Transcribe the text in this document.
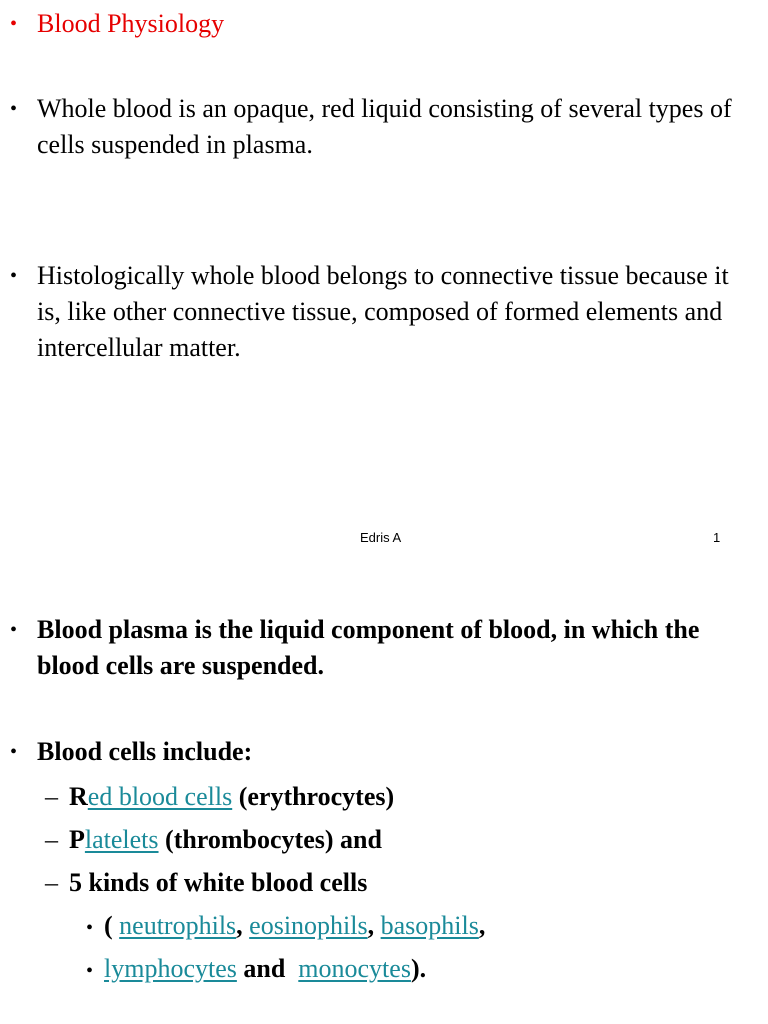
• Blood Physiology
• Whole blood is an opaque, red liquid consisting of several types of cells suspended in plasma.
• Histologically whole blood belongs to connective tissue because it is, like other connective tissue, composed of formed elements and intercellular matter.
Edris A	1
• Blood plasma is the liquid component of blood, in which the blood cells are suspended.
• Blood cells include:
– Red blood cells (erythrocytes)
– Platelets (thrombocytes) and
– 5 kinds of white blood cells
• ( neutrophils, eosinophils, basophils,
• lymphocytes and  monocytes).
